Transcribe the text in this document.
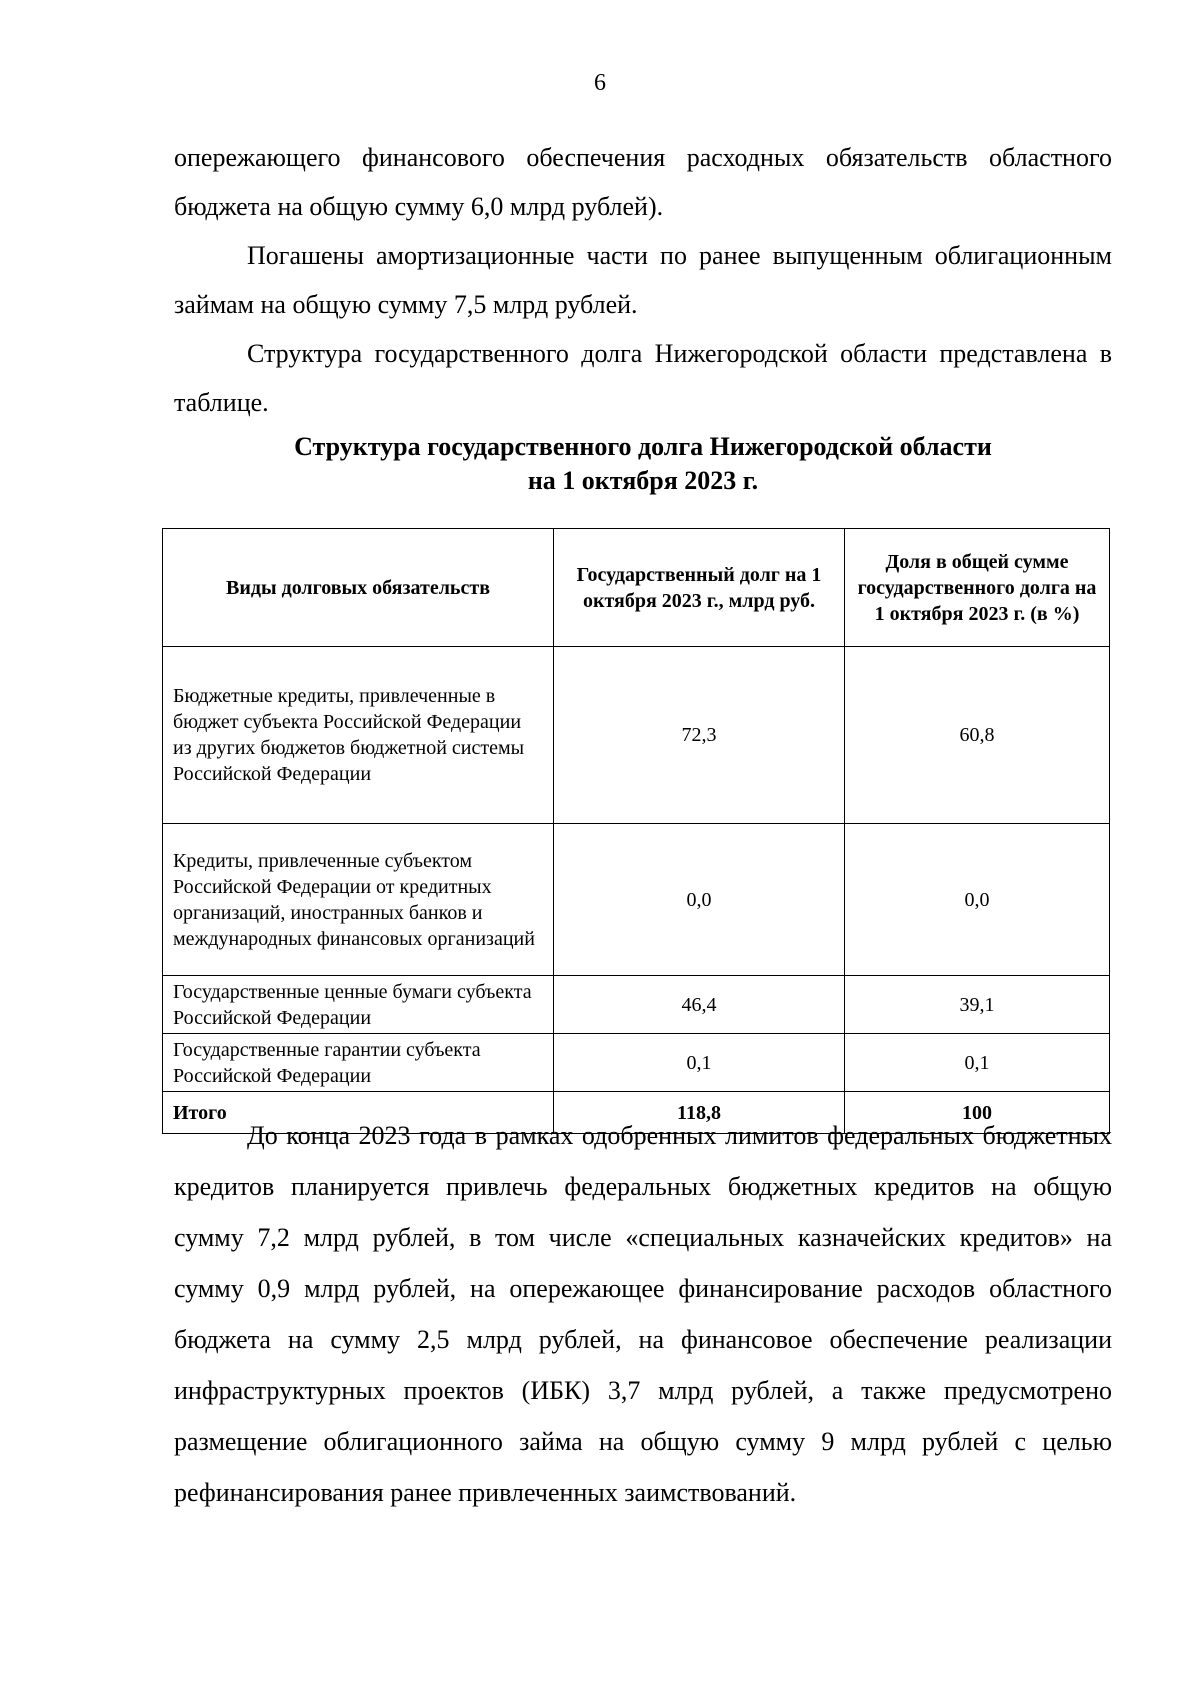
6

опережающего финансового обеспечения расходных обязательств областного бюджета на общую сумму 6,0 млрд рублей).

Погашены амортизационные части по ранее выпущенным облигационным займам на общую сумму 7,5 млрд рублей.

Структура государственного долга Нижегородской области представлена в таблице.

Структура государственного долга Нижегородской области
на 1 октября 2023 г.
Виды долговых обязательств	Государственный долг на 1 октября 2023 г., млрд руб.	Доля в общей сумме государственного долга на 1 октября 2023 г. (в %)
Бюджетные кредиты, привлеченные в бюджет субъекта Российской Федерации из других бюджетов бюджетной системы Российской Федерации	72,3	60,8
Кредиты, привлеченные субъектом Российской Федерации от кредитных организаций, иностранных банков и международных финансовых организаций	0,0	0,0
Государственные ценные бумаги субъекта Российской Федерации	46,4	39,1
Государственные гарантии субъекта Российской Федерации	0,1	0,1
Итого	118,8	100

До конца 2023 года в рамках одобренных лимитов федеральных бюджетных кредитов планируется привлечь федеральных бюджетных кредитов на общую сумму 7,2 млрд рублей, в том числе «специальных казначейских кредитов» на сумму 0,9 млрд рублей, на опережающее финансирование расходов областного бюджета на сумму 2,5 млрд рублей, на финансовое обеспечение реализации инфраструктурных проектов (ИБК) 3,7 млрд рублей, а также предусмотрено размещение облигационного займа на общую сумму 9 млрд рублей с целью рефинансирования ранее привлеченных заимствований.
